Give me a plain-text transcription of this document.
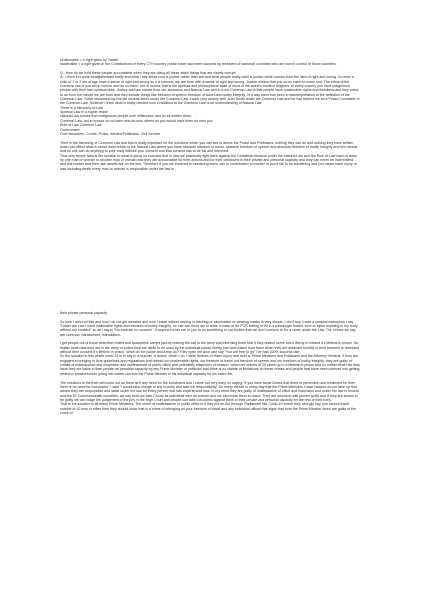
Unalienable = a right given by Yaweh.

Inalienable = a right given in the Constitutions of every CTH country (which have now been usurped by receivers of bankrupt countries who are now in control of those countries.

Q...How do we hold these people accountable when they are doing all these awful things that are clearly corrupt.

A...I think it is quite straightforward really and what I talk about now is justice rather than law and what people really want is justice which comes from the idea of right and wrong. So even a child of 1 or 2 yrs of age have a sense of right and wrong so it is intrinsic, we are born with a sense of right and wrong. Justice means that you do no harm to some one. The ethos of the Common law is you act in honour and do no harm, but of course that is the spiritual and philosophical base of most of the world's modern religions. In every country you have indigenous people with their own spiritual laws. Justice and law comes from our ancestors and Natural Law which is not Common Law is that people have unalienable rights and freedoms and they come to us from the minute we are born and they include things like freedom of speech freedom of travel and bodily integrity. In a way there has been a misinterpretation of the definition of the Common Law. I have reclaimed my live life several times under the Common Law. I work very closely with John Smith under the Common Law and he has trained me as a Peace Constable of the Common Law. However I think what is really needed now in addition to the Common Law is an understanding of Natural Law

There is a hierarchy of Law

Spiritual Law in a higher realm

Natural Law comes from indigenous people over millennium and is not written down

Common Law- act in honour do no harm and do unto others as you would have them do unto you

Rule of Law Common Law

Government

Govt structures- Courts, Police, elected Politicians, Civil Service

Then in the hierarchy of Common Law and this is really important for the solutions which you can see is above the Police and Politicians; nothing they can do and nothing they have written down can affect what is above them which is the Natural Law where you have absolute freedom to travel, absolute freedom of speech and absolute freedom of bodily integrity and this means that no one can do anything to your body without your consent and that consent has to be full and informed.

That very simple idea is the solution to what is going on now and that is how we practically fight back against the Globalists because under the Natural Law and the Rule of Law harm is done by one man or woman to another man or woman and they are accountable for their actions and for their omissions in their private and personal capacity and they can never be indemnified and this means that their own assets are on the line. Therefore if you are involved in murdering some one or contribution to murder or you if fail to do something and you cause harm injury or loss including death every man or woman is responsible under the law in

their private personal capacity

So how I solve all this and how I do not get arrested and how I travel without testing or tracking or vaccination or wearing masks is very simple, I don't say I have a medical exemption I say "Under the Law I have inalienable rights and freedom of bodily integrity, no one can force me to wear a mask or do PCR testing or fill in a passenger locator form or inject anything in my body without my consent" so all I say is "No contract no consent." If anyone forces me or you to do something to our bodies that we don't consent to it's a crime under the Law. The crimes we say are coercion, harassment, intimidation.

I get people out of these detention hotels and quarantine camps just by making the call to the army and informing them that if they restrict some one's liberty in Ireland it's lifetime in prison. No matter what rank they are in the army or police they are liable to be sued by the individual whose liberty has been taken from them when they are detained forcibly or their freedom is restricted without their consent it's lifetime in prison. What do the police and Army do? They open the door and say "You are free to go" I've had 100% success rate.

So the solution to this whole covid 19 is to say to a teacher, a doctor, which I do, I write Notices of Harm Injury and debt to Prime Ministers and Politicians and the Attorney General. If they are engaged in bringing in Acts guidelines and regulations that restrict our unalienable rights; our freedom of travel our freedom of speech and our freedom of bodily integrity, they are guilty of crimes of malfeasance and misprision and malfeasance of public office and potentially misprision of treason, which are crimes of 20 years up to a lifetime in prison and no matter what role they have they are liable in their private an personal capacity eg any Prime Minister or politician and there is no statute of limitations on these crimes and people that have been coerced into getting tested or pressured into going into hotels can sue the Prime Minister in his individual capacity for his entire life.

The solutions is the truth will come out as there isn't any need for the lockdowns and I came out very early on saying "If you have some illness that there is prevention and treatment for then there is no need for lockdowns" I said "I would take charge in any country and take full responsibility" So every minute in every day that the Prime Ministers I have Noticed do not take up that advice they are responsible and liable under the law for every person that has experienced loss. In my mind they are guilty of malfeasance of office and misprision and under the law in Ireland and the 57 Commonwealth countries, we can hold our own Courts as individual men an women and we can invite them to come. They are innocent until proven guilty and if they are shown to be guilty we can lodge the judgement of the jury in the High Court and people can take out claims against them in their private and personal capacity for the rest of their lives.

That is the solution to all these Prime Ministers. The crime of malfeasance in public office is if they put an Act through Parliament like Covid 19 where they wrongly say, you cannot travel outside of 10 kms or miles then they should know that is a crime of infringing on your freedom of travel and any individual official that signs that from the Prime Minister down are guilty of the crime of
